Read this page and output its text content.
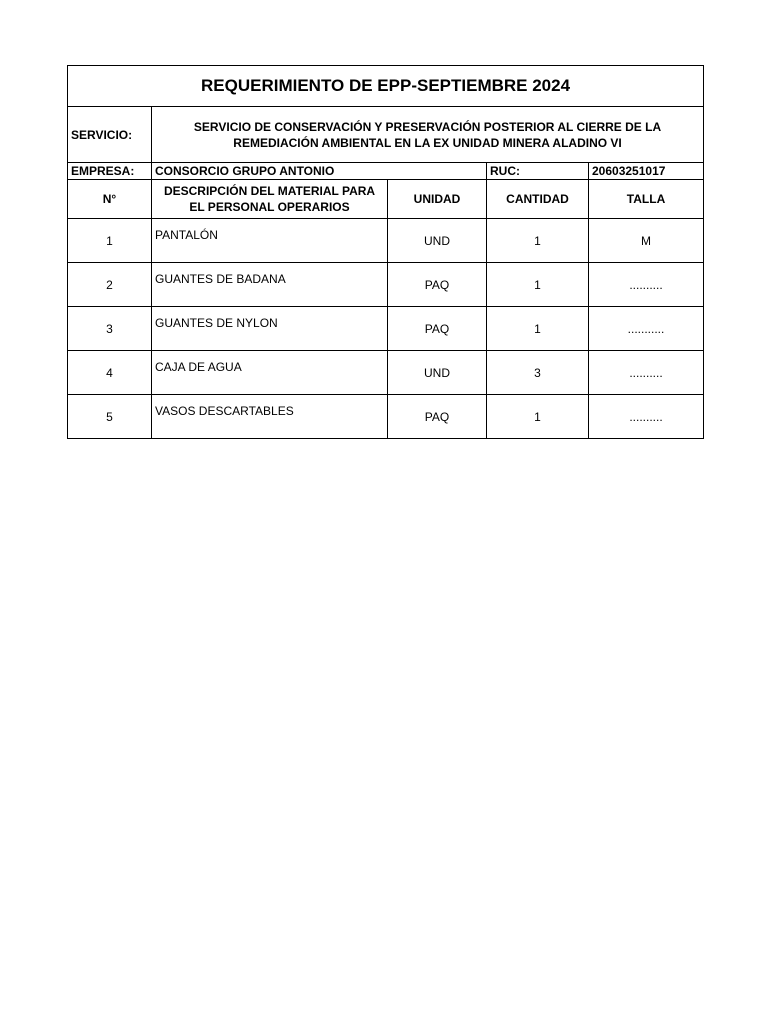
REQUERIMIENTO DE EPP-SEPTIEMBRE 2024				
SERVICIO:	SERVICIO DE CONSERVACIÓN Y PRESERVACIÓN POSTERIOR AL CIERRE DE LA REMEDIACIÓN AMBIENTAL EN LA EX UNIDAD MINERA ALADINO VI			
EMPRESA:	CONSORCIO GRUPO ANTONIO		RUC:	20603251017
N°	DESCRIPCIÓN DEL MATERIAL PARA EL PERSONAL OPERARIOS	UNIDAD	CANTIDAD	TALLA
1	PANTALÓN	UND	1	M
2	GUANTES DE BADANA	PAQ	1	..........
3	GUANTES DE NYLON	PAQ	1	...........
4	CAJA DE AGUA	UND	3	..........
5	VASOS DESCARTABLES	PAQ	1	..........
